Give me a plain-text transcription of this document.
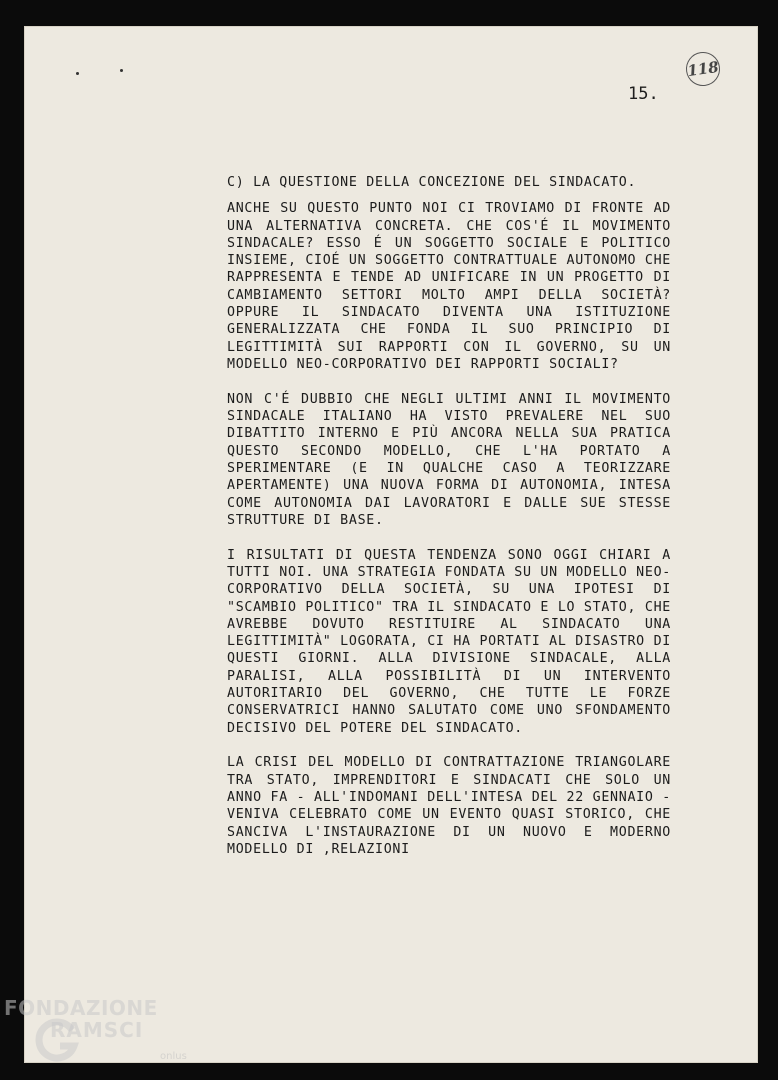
118
15.
C) LA QUESTIONE DELLA CONCEZIONE DEL SINDACATO.

ANCHE SU QUESTO PUNTO NOI CI TROVIAMO DI FRONTE AD UNA ALTERNATIVA CONCRETA. CHE COS'É IL MOVIMENTO SINDACALE? ESSO É UN SOGGETTO SOCIALE E POLITICO INSIEME, CIOÉ UN SOGGETTO CONTRATTUALE AUTONOMO CHE RAPPRESENTA E TENDE AD UNIFICARE IN UN PROGETTO DI CAMBIAMENTO SETTORI MOLTO AMPI DELLA SOCIETÀ? OPPURE IL SINDACATO DIVENTA UNA ISTITUZIONE GENERALIZZATA CHE FONDA IL SUO PRINCIPIO DI LEGITTIMITÀ SUI RAPPORTI CON IL GOVERNO, SU UN MODELLO NEO-CORPORATIVO DEI RAPPORTI SOCIALI?

NON C'É DUBBIO CHE NEGLI ULTIMI ANNI IL MOVIMENTO SINDACALE ITALIANO HA VISTO PREVALERE NEL SUO DIBATTITO INTERNO E PIÙ ANCORA NELLA SUA PRATICA QUESTO SECONDO MODELLO, CHE L'HA PORTATO A SPERIMENTARE (E IN QUALCHE CASO A TEORIZZARE APERTAMENTE) UNA NUOVA FORMA DI AUTONOMIA, INTESA COME AUTONOMIA DAI LAVORATORI E DALLE SUE STESSE STRUTTURE DI BASE.

I RISULTATI DI QUESTA TENDENZA SONO OGGI CHIARI A TUTTI NOI. UNA STRATEGIA FONDATA SU UN MODELLO NEO-CORPORATIVO DELLA SOCIETÀ, SU UNA IPOTESI DI "SCAMBIO POLITICO" TRA IL SINDACATO E LO STATO, CHE AVREBBE DOVUTO RESTITUIRE AL SINDACATO UNA LEGITTIMITÀ" LOGORATA, CI HA PORTATI AL DISASTRO DI QUESTI GIORNI. ALLA DIVISIONE SINDACALE, ALLA PARALISI, ALLA POSSIBILITÀ DI UN INTERVENTO AUTORITARIO DEL GOVERNO, CHE TUTTE LE FORZE CONSERVATRICI HANNO SALUTATO COME UNO SFONDAMENTO DECISIVO DEL POTERE DEL SINDACATO.

LA CRISI DEL MODELLO DI CONTRATTAZIONE TRIANGOLARE TRA STATO, IMPRENDITORI E SINDACATI CHE SOLO UN ANNO FA - ALL'INDOMANI DELL'INTESA DEL 22 GENNAIO - VENIVA CELEBRATO COME UN EVENTO QUASI STORICO, CHE SANCIVA L'INSTAURAZIONE DI UN NUOVO E MODERNO MODELLO DI ,RELAZIONI

FONDAZIONE
RAMSCI
onlus
